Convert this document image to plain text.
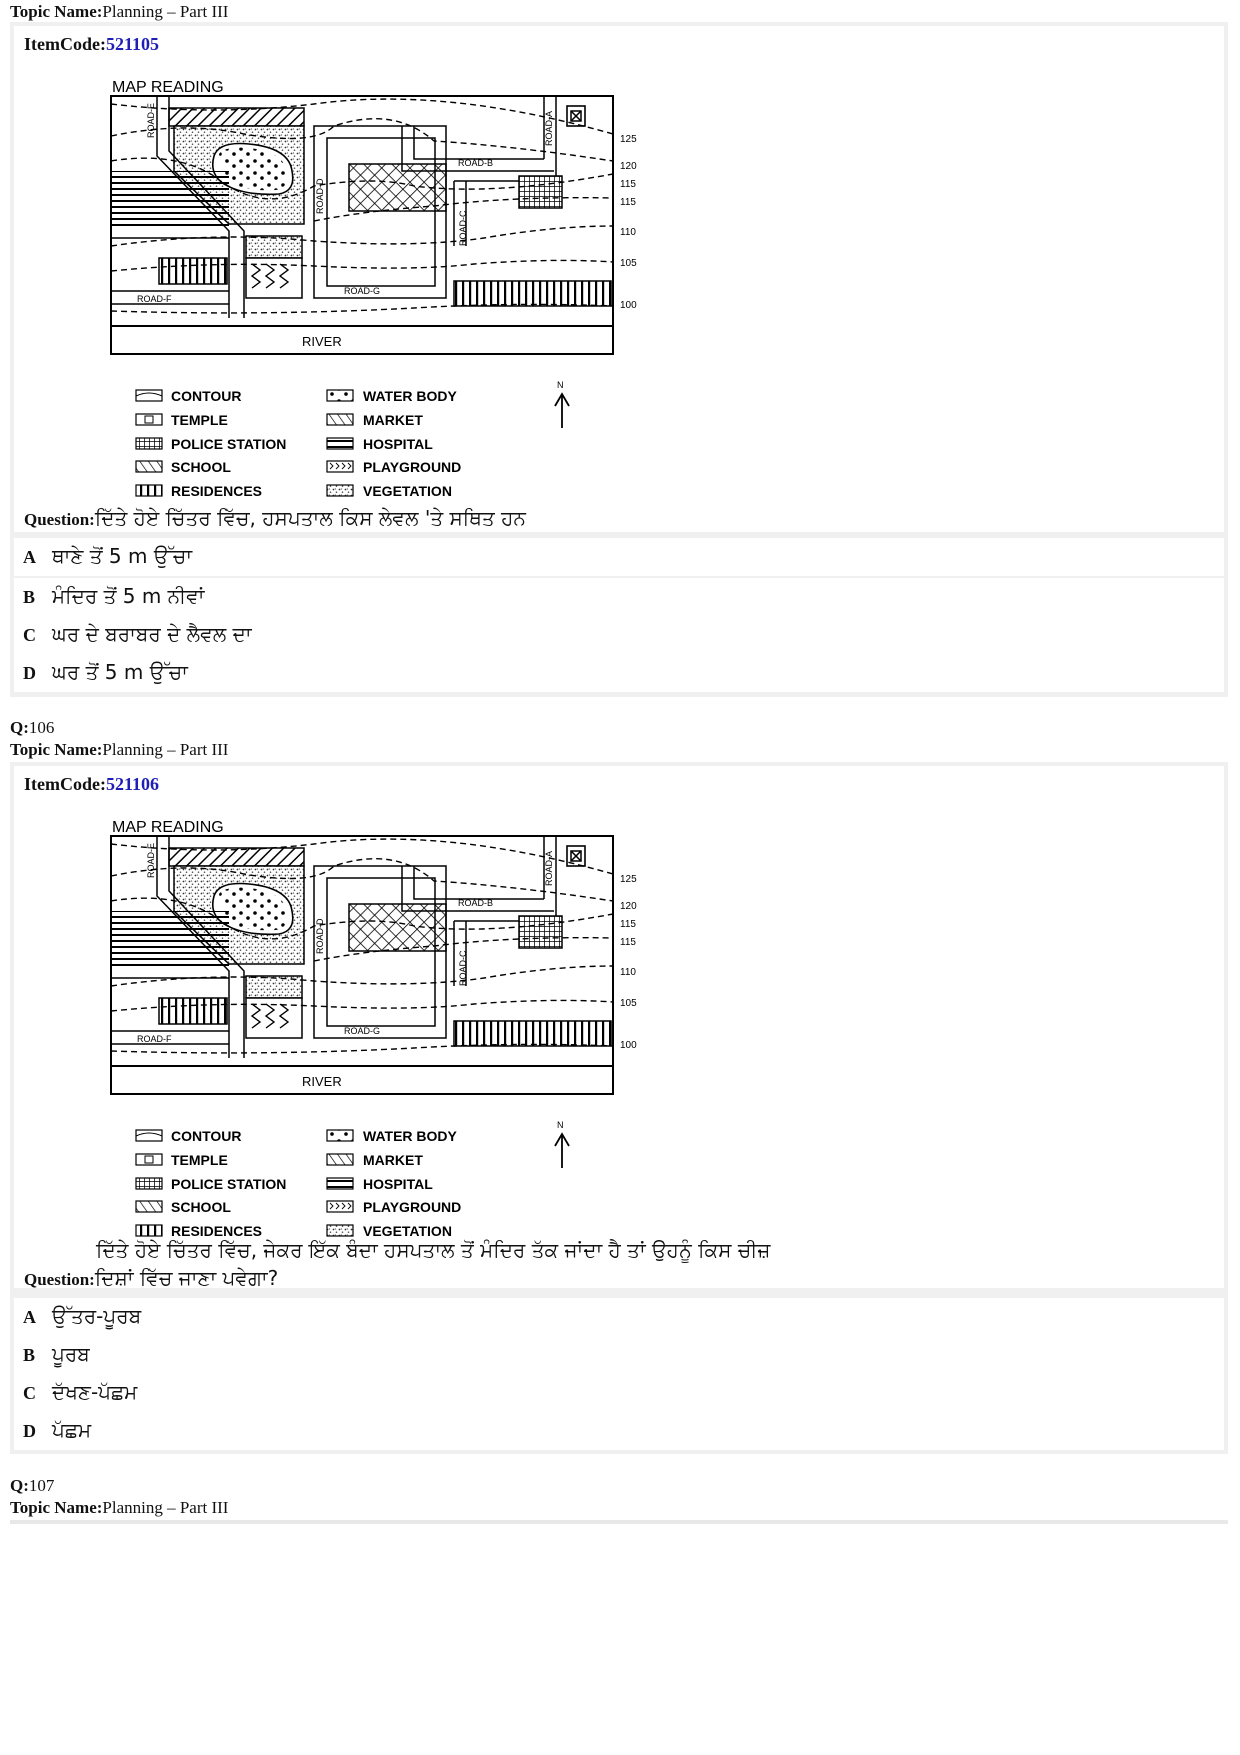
Topic Name:Planning – Part III
ItemCode:521105
MAP READING
RIVER
ROAD-E
ROAD-F
ROAD-D
ROAD-G
ROAD-B
ROAD-C
ROAD-A	125
120
115
115
110
105
100
CONTOUR
TEMPLE
POLICE STATION
SCHOOL
RESIDENCES
WATER BODY
MARKET
HOSPITAL
PLAYGROUND
VEGETATION
N
Question:ਦਿੱਤੇ ਹੋਏ ਚਿੱਤਰ ਵਿੱਚ, ਹਸਪਤਾਲ ਕਿਸ ਲੇਵਲ 'ਤੇ ਸਥਿਤ ਹਨ
A ਥਾਣੇ ਤੋਂ 5 m ਉੱਚਾ
B ਮੰਦਿਰ ਤੋਂ 5 m ਨੀਵਾਂ
C ਘਰ ਦੇ ਬਰਾਬਰ ਦੇ ਲੈਵਲ ਦਾ
D ਘਰ ਤੋਂ 5 m ਉੱਚਾ
Q:106
Topic Name:Planning – Part III
ItemCode:521106
MAP READING
RIVER
ROAD-E
ROAD-F
ROAD-D
ROAD-G
ROAD-B
ROAD-C
ROAD-A	125
120
115
115
110
105
100
CONTOUR
TEMPLE
POLICE STATION
SCHOOL
RESIDENCES
WATER BODY
MARKET
HOSPITAL
PLAYGROUND
VEGETATION
N
ਦਿੱਤੇ ਹੋਏ ਚਿੱਤਰ ਵਿੱਚ, ਜੇਕਰ ਇੱਕ ਬੰਦਾ ਹਸਪਤਾਲ ਤੋਂ ਮੰਦਿਰ ਤੱਕ ਜਾਂਦਾ ਹੈ ਤਾਂ ਉਹਨੂੰ ਕਿਸ ਚੀਜ਼
Question:ਦਿਸ਼ਾਂ ਵਿੱਚ ਜਾਣਾ ਪਵੇਗਾ?
A ਉੱਤਰ-ਪੂਰਬ
B ਪੂਰਬ
C ਦੱਖਣ-ਪੱਛਮ
D ਪੱਛਮ
Q:107
Topic Name:Planning – Part III
